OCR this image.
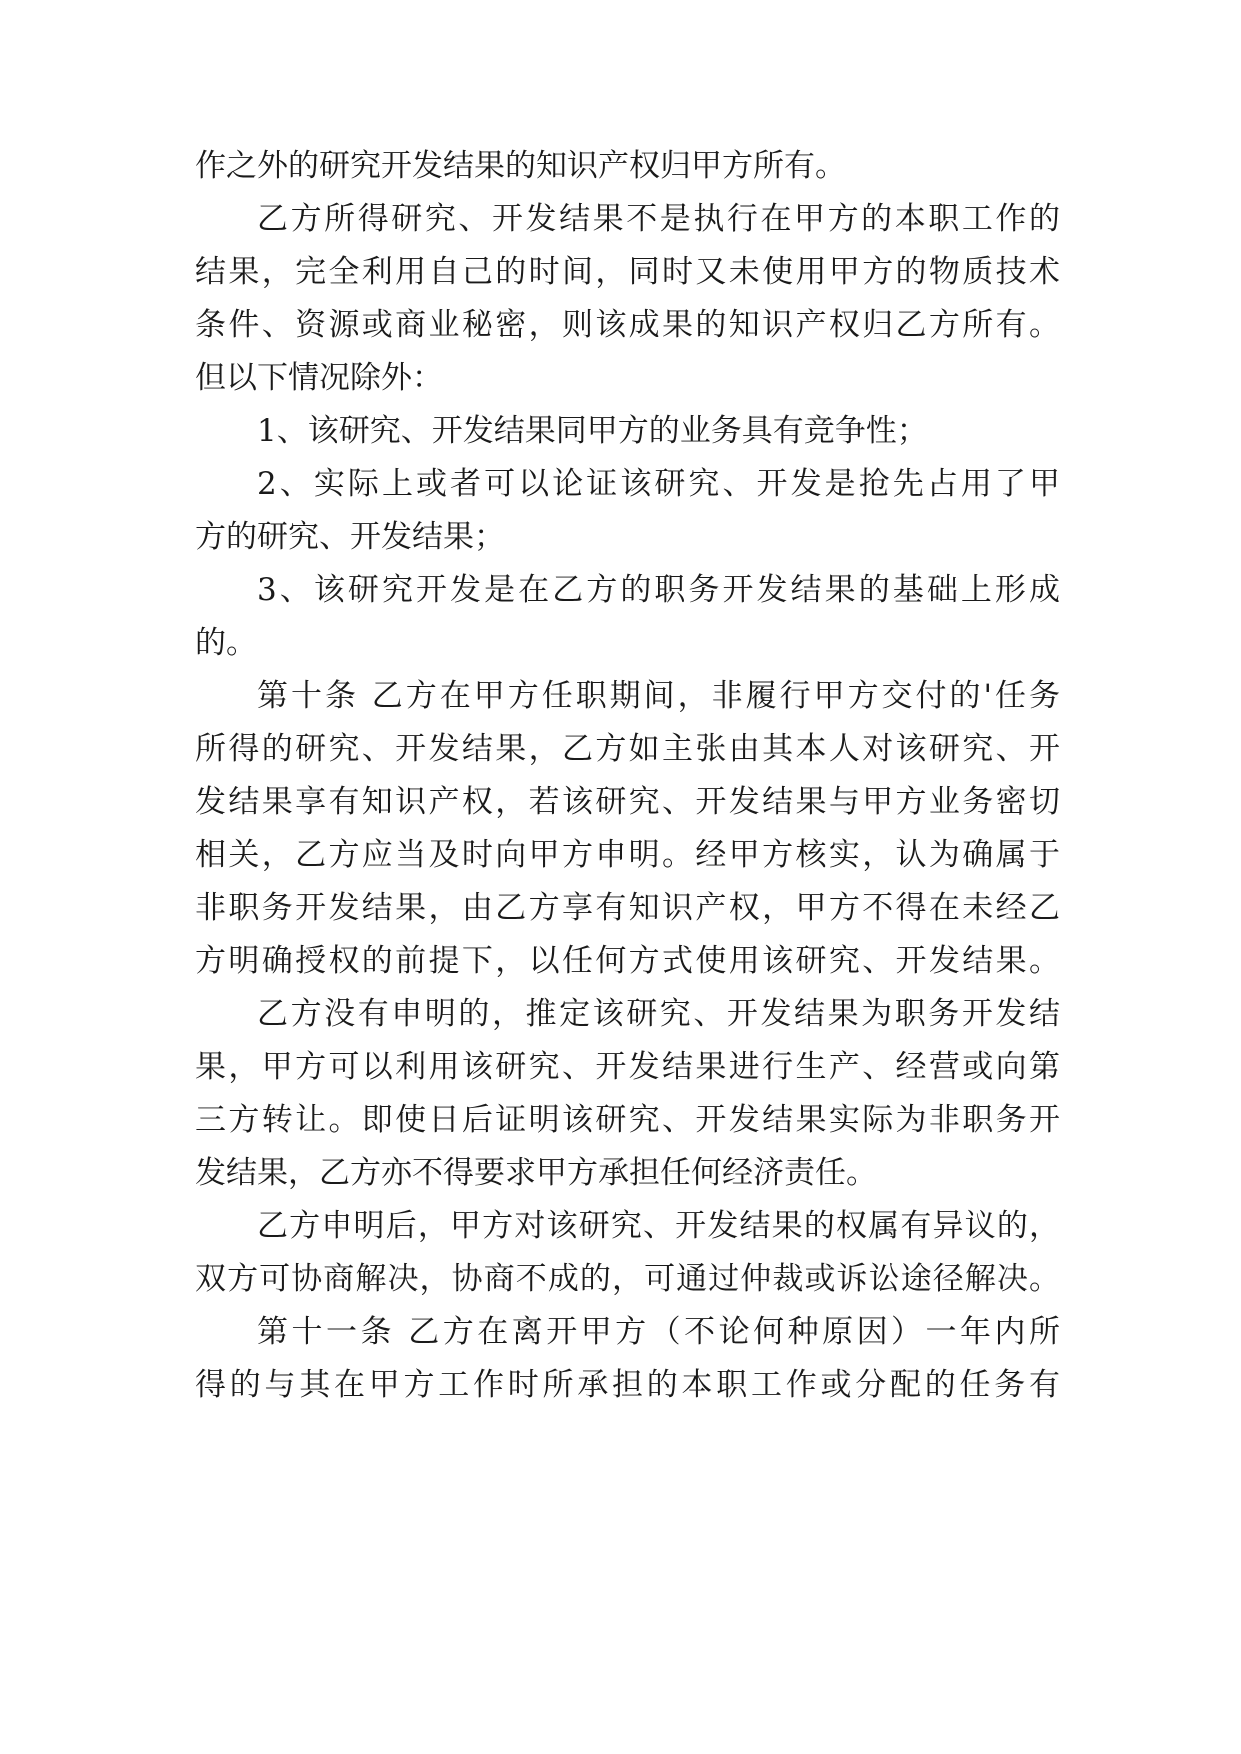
作之外的研究开发结果的知识产权归甲方所有。

乙方所得研究、开发结果不是执行在甲方的本职工作的

结果，完全利用自己的时间，同时又未使用甲方的物质技术

条件、资源或商业秘密，则该成果的知识产权归乙方所有。

但以下情况除外：

1、该研究、开发结果同甲方的业务具有竞争性；

2、实际上或者可以论证该研究、开发是抢先占用了甲

方的研究、开发结果；

3、该研究开发是在乙方的职务开发结果的基础上形成

的。

第十条 乙方在甲方任职期间，非履行甲方交付的'任务

所得的研究、开发结果，乙方如主张由其本人对该研究、开

发结果享有知识产权，若该研究、开发结果与甲方业务密切

相关，乙方应当及时向甲方申明。经甲方核实，认为确属于

非职务开发结果，由乙方享有知识产权，甲方不得在未经乙

方明确授权的前提下，以任何方式使用该研究、开发结果。

乙方没有申明的，推定该研究、开发结果为职务开发结

果，甲方可以利用该研究、开发结果进行生产、经营或向第

三方转让。即使日后证明该研究、开发结果实际为非职务开

发结果，乙方亦不得要求甲方承担任何经济责任。

乙方申明后，甲方对该研究、开发结果的权属有异议的，

双方可协商解决，协商不成的，可通过仲裁或诉讼途径解决。

第十一条 乙方在离开甲方（不论何种原因）一年内所

得的与其在甲方工作时所承担的本职工作或分配的任务有
